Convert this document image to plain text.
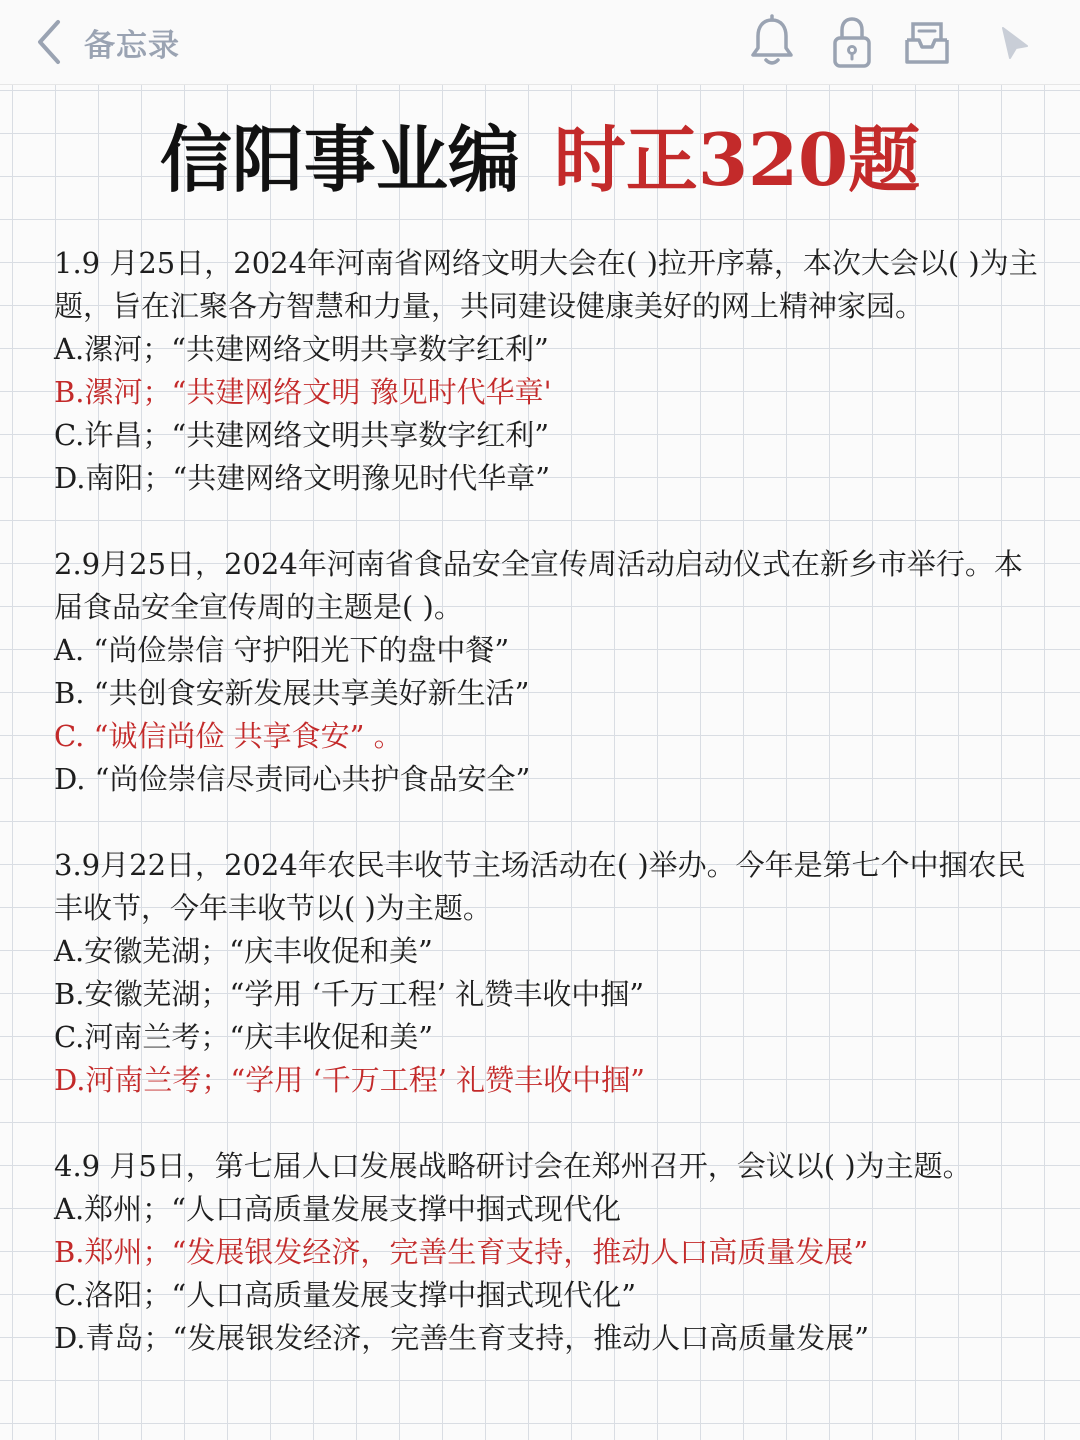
备忘录
信阳事业编 时正320题
1.9 月25日，2024年河南省网络文明大会在( )拉开序幕，本次大会以( )为主题，旨在汇聚各方智慧和力量，共同建设健康美好的网上精神家园。
A.漯河；“共建网络文明共享数字红利”
B.漯河；“共建网络文明 豫见时代华章'
C.许昌；“共建网络文明共享数字红利”
D.南阳；“共建网络文明豫见时代华章”
2.9月25日，2024年河南省食品安全宣传周活动启动仪式在新乡市举行。本届食品安全宣传周的主题是( )。
A. “尚俭崇信 守护阳光下的盘中餐”
B. “共创食安新发展共享美好新生活”
C. “诚信尚俭 共享食安” 。
D. “尚俭崇信尽责同心共护食品安全”
3.9月22日，2024年农民丰收节主场活动在( )举办。今年是第七个中掴农民丰收节，今年丰收节以( )为主题。
A.安徽芜湖；“庆丰收促和美”
B.安徽芜湖；“学用 ‘千万工程’ 礼赞丰收中掴”
C.河南兰考；“庆丰收促和美”
D.河南兰考；“学用 ‘千万工程’ 礼赞丰收中掴”
4.9 月5日，第七届人口发展战略研讨会在郑州召开，会议以( )为主题。
A.郑州；“人口高质量发展支撑中掴式现代化
B.郑州；“发展银发经济，完善生育支持，推动人口高质量发展”
C.洛阳；“人口高质量发展支撑中掴式现代化”
D.青岛；“发展银发经济，完善生育支持，推动人口高质量发展”
